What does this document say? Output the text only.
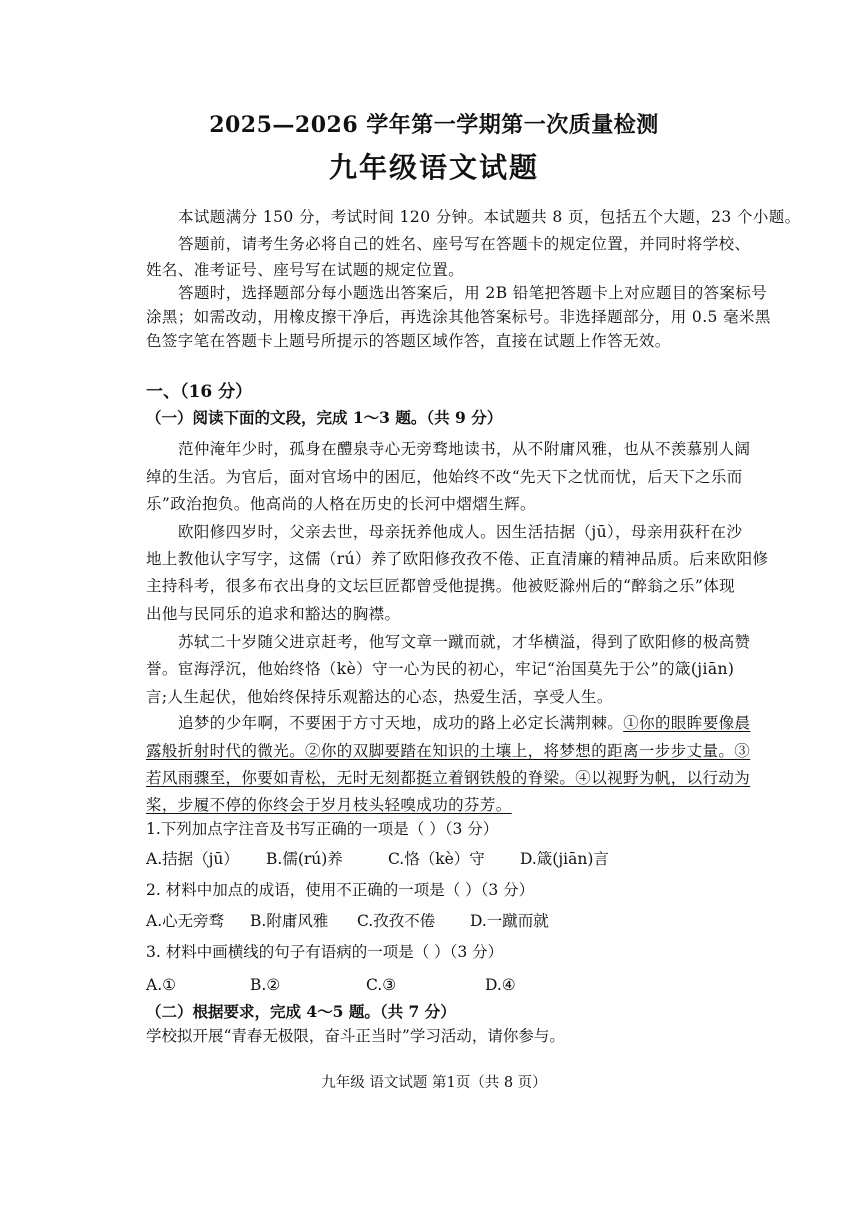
2025—2026 学年第一学期第一次质量检测
九年级语文试题
本试题满分 150 分，考试时间 120 分钟。本试题共 8 页，包括五个大题，23 个小题。
答题前，请考生务必将自己的姓名、座号写在答题卡的规定位置，并同时将学校、
姓名、准考证号、座号写在试题的规定位置。
答题时，选择题部分每小题选出答案后，用 2B 铅笔把答题卡上对应题目的答案标号
涂黑；如需改动，用橡皮擦干净后，再选涂其他答案标号。非选择题部分，用 0.5 毫米黑
色签字笔在答题卡上题号所提示的答题区域作答，直接在试题上作答无效。
一、（16 分）
（一）阅读下面的文段，完成 1～3 题。（共 9 分）
范仲淹年少时，孤身在醴泉寺心无旁骛地读书，从不附庸风雅，也从不羡慕别人阔
绰的生活。为官后，面对官场中的困厄，他始终不改“先天下之忧而忧，后天下之乐而
乐”政治抱负。他高尚的人格在历史的长河中熠熠生辉。
欧阳修四岁时，父亲去世，母亲抚养他成人。因生活拮据（jū），母亲用荻秆在沙
地上教他认字写字，这儒（rú）养了欧阳修孜孜不倦、正直清廉的精神品质。后来欧阳修
主持科考，很多布衣出身的文坛巨匠都曾受他提携。他被贬滁州后的“醉翁之乐”体现
出他与民同乐的追求和豁达的胸襟。
苏轼二十岁随父进京赶考，他写文章一蹴而就，才华横溢，得到了欧阳修的极高赞
誉。宦海浮沉，他始终恪（kè）守一心为民的初心，牢记“治国莫先于公”的箴(jiān)
言;人生起伏，他始终保持乐观豁达的心态，热爱生活，享受人生。
追梦的少年啊，不要困于方寸天地，成功的路上必定长满荆棘。①你的眼眸要像晨
露般折射时代的微光。②你的双脚要踏在知识的土壤上，将梦想的距离一步步丈量。③
若风雨骤至，你要如青松，无时无刻都挺立着钢铁般的脊梁。④以视野为帆，以行动为
桨，步履不停的你终会于岁月枝头轻嗅成功的芬芳。
1.下列加点字注音及书写正确的一项是（ ）（3 分）
A.拮据（jū） B.儒(rú)养	C.恪（kè）守 D.箴(jiān)言
2. 材料中加点的成语，使用不正确的一项是（ ）（3 分）
A.心无旁骛 B.附庸风雅 C.孜孜不倦 D.一蹴而就
3. 材料中画横线的句子有语病的一项是（ ）（3 分）
A.①	B.②	C.③	D.④
（二）根据要求，完成 4～5 题。（共 7 分）
学校拟开展“青春无极限，奋斗正当时”学习活动，请你参与。
九年级 语文试题 第1页（共 8 页）
